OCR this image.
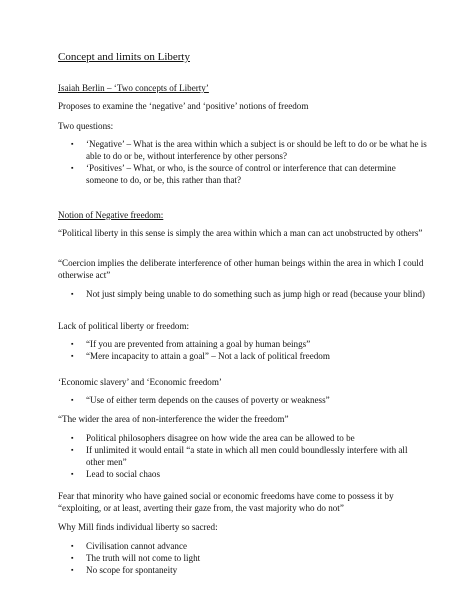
Concept and limits on Liberty

Isaiah Berlin – ‘Two concepts of Liberty’

Proposes to examine the ‘negative’ and ‘positive’ notions of freedom

Two questions:

▪ ‘Negative’ – What is the area within which a subject is or should be left to do or be what he is able to do or be, without interference by other persons?
▪ ‘Positives’ – What, or who, is the source of control or interference that can determine someone to do, or be, this rather than that?

Notion of Negative freedom:

“Political liberty in this sense is simply the area within which a man can act unobstructed by others”

“Coercion implies the deliberate interference of other human beings within the area in which I could otherwise act”

▪ Not just simply being unable to do something such as jump high or read (because your blind)

Lack of political liberty or freedom:

▪ “If you are prevented from attaining a goal by human beings”
▪ “Mere incapacity to attain a goal” – Not a lack of political freedom

‘Economic slavery’ and ‘Economic freedom’

▪ “Use of either term depends on the causes of poverty or weakness”

“The wider the area of non-interference the wider the freedom”

▪ Political philosophers disagree on how wide the area can be allowed to be
▪ If unlimited it would entail “a state in which all men could boundlessly interfere with all other men”
▪ Lead to social chaos

Fear that minority who have gained social or economic freedoms have come to possess it by “exploiting, or at least, averting their gaze from, the vast majority who do not”

Why Mill finds individual liberty so sacred:

▪ Civilisation cannot advance
▪ The truth will not come to light
▪ No scope for spontaneity
